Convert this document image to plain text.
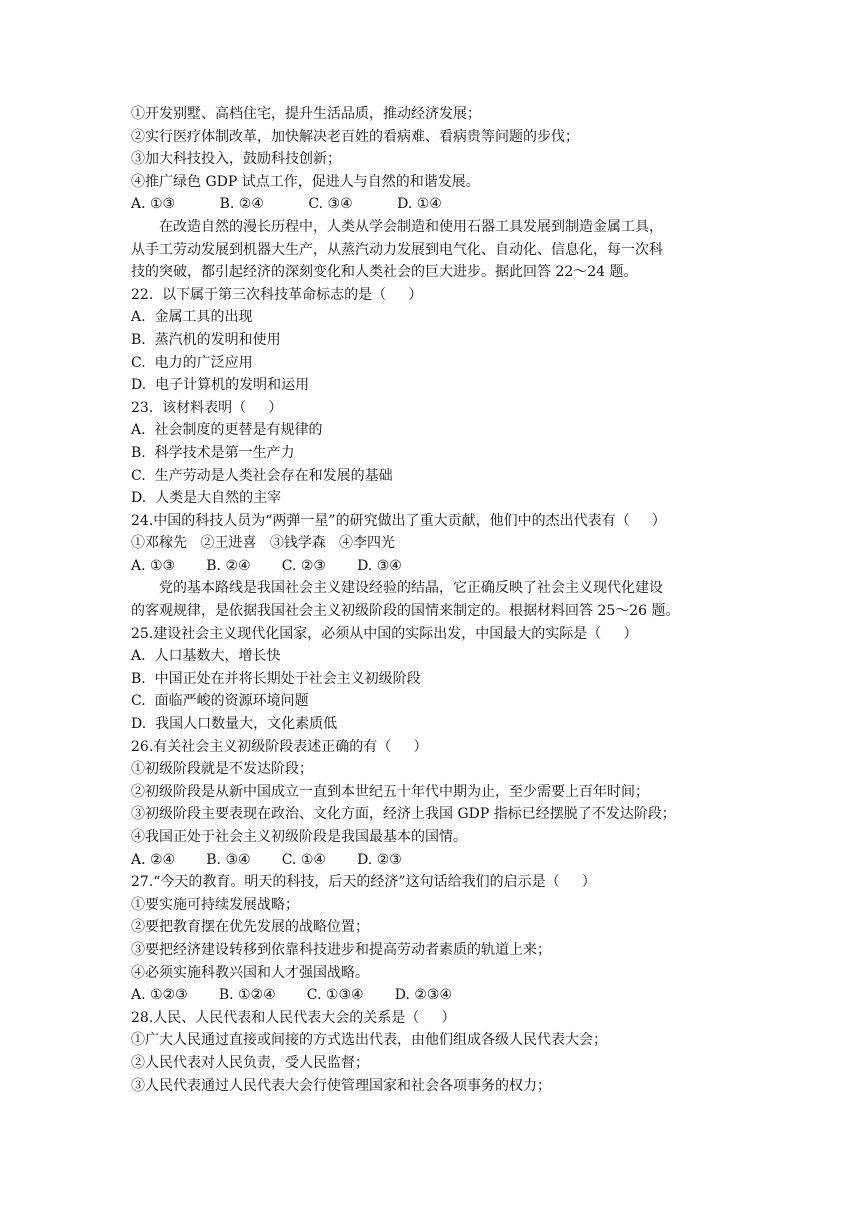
①开发别墅、高档住宅，提升生活品质，推动经济发展；
②实行医疗体制改革，加快解决老百姓的看病难、看病贵等问题的步伐；
③加大科技投入，鼓励科技创新；
④推广绿色 GDP 试点工作，促进人与自然的和谐发展。
A. ①③          B. ②④          C. ③④          D. ①④
在改造自然的漫长历程中，人类从学会制造和使用石器工具发展到制造金属工具，
从手工劳动发展到机器大生产，从蒸汽动力发展到电气化、自动化、信息化，每一次科
技的突破，都引起经济的深刻变化和人类社会的巨大进步。据此回答 22～24 题。
22.  以下属于第三次科技革命标志的是（     ）
A.  金属工具的出现
B.  蒸汽机的发明和使用
C.  电力的广泛应用
D.  电子计算机的发明和运用
23.  该材料表明（     ）
A.  社会制度的更替是有规律的
B.  科学技术是第一生产力
C.  生产劳动是人类社会存在和发展的基础
D.  人类是大自然的主宰
24.中国的科技人员为“两弹一星”的研究做出了重大贡献，他们中的杰出代表有（     ）
①邓稼先   ②王进喜   ③钱学森   ④李四光
A. ①③       B. ②④       C. ②③       D. ③④
党的基本路线是我国社会主义建设经验的结晶，它正确反映了社会主义现代化建设
的客观规律，是依据我国社会主义初级阶段的国情来制定的。根据材料回答 25～26 题。
25.建设社会主义现代化国家，必须从中国的实际出发，中国最大的实际是（     ）
A.  人口基数大，增长快
B.  中国正处在并将长期处于社会主义初级阶段
C.  面临严峻的资源环境问题
D.  我国人口数量大，文化素质低
26.有关社会主义初级阶段表述正确的有（     ）
①初级阶段就是不发达阶段；
②初级阶段是从新中国成立一直到本世纪五十年代中期为止，至少需要上百年时间；
③初级阶段主要表现在政治、文化方面，经济上我国 GDP 指标已经摆脱了不发达阶段；
④我国正处于社会主义初级阶段是我国最基本的国情。
A. ②④       B. ③④       C. ①④       D. ②③
27.“今天的教育。明天的科技，后天的经济”这句话给我们的启示是（     ）
①要实施可持续发展战略；
②要把教育摆在优先发展的战略位置；
③要把经济建设转移到依靠科技进步和提高劳动者素质的轨道上来；
④必须实施科教兴国和人才强国战略。
A. ①②③       B. ①②④       C. ①③④       D. ②③④
28.人民、人民代表和人民代表大会的关系是（     ）
①广大人民通过直接或间接的方式选出代表，由他们组成各级人民代表大会；
②人民代表对人民负责，受人民监督；
③人民代表通过人民代表大会行使管理国家和社会各项事务的权力；
